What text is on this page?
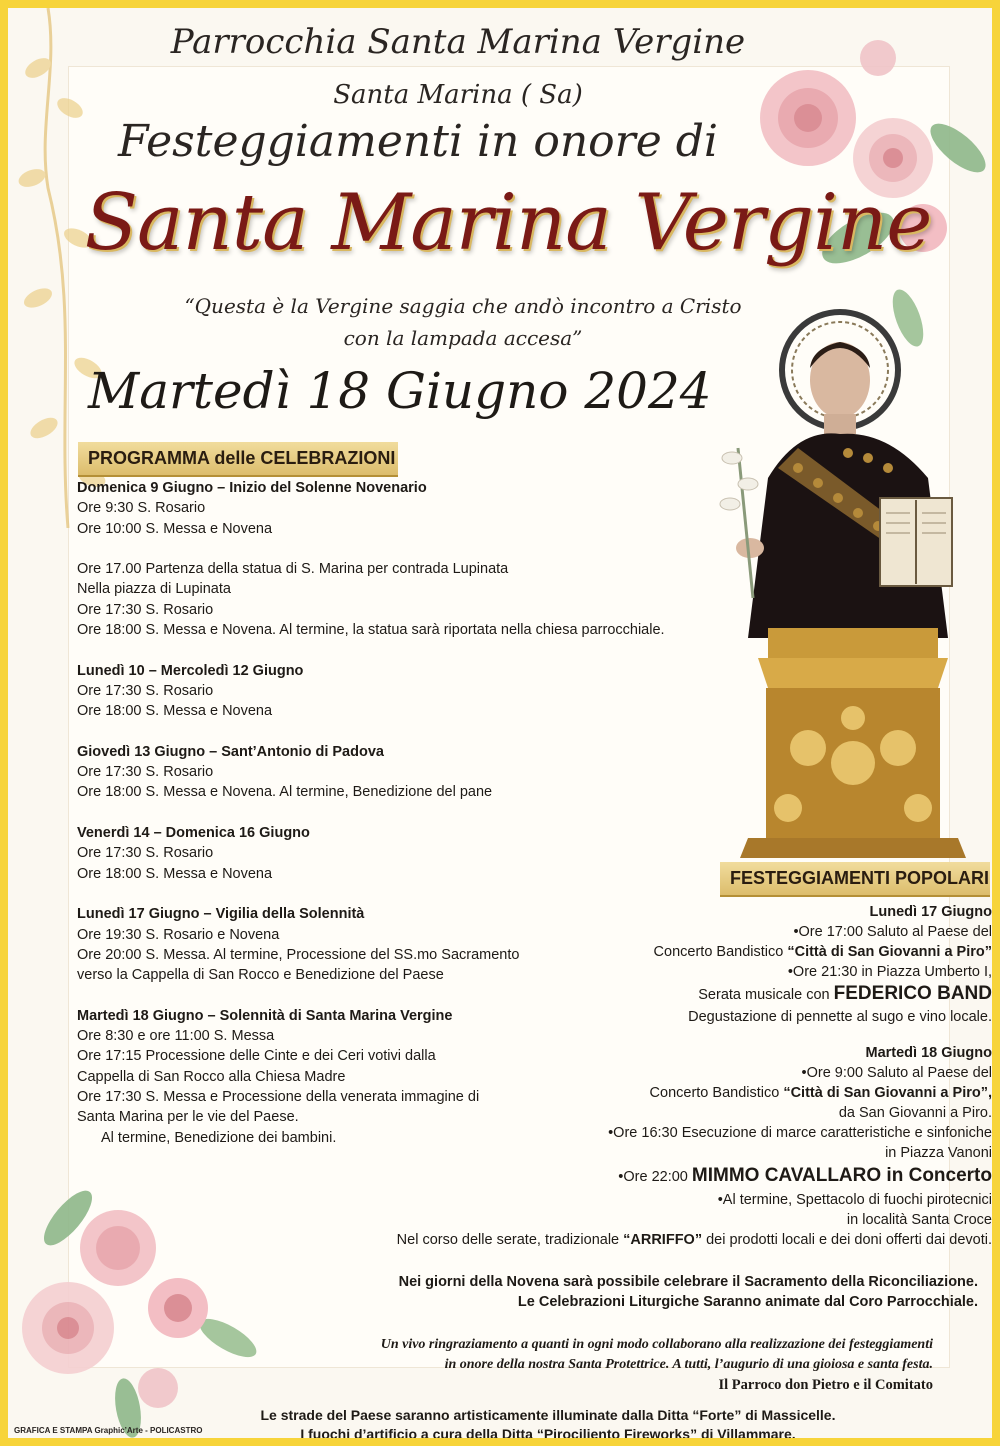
Parrocchia Santa Marina Vergine
Santa Marina ( Sa)
Festeggiamenti in onore di
Santa Marina Vergine
“Questa è la Vergine saggia che andò incontro a Cristo
con la lampada accesa”
Martedì 18 Giugno 2024
PROGRAMMA delle CELEBRAZIONI
Domenica 9 Giugno – Inizio del Solenne Novenario
Ore 9:30 S. Rosario
Ore 10:00 S. Messa e Novena
Ore 17.00 Partenza della statua di S. Marina per contrada Lupinata
Nella piazza di Lupinata
Ore 17:30 S. Rosario
Ore 18:00 S. Messa e Novena. Al termine, la statua sarà riportata nella chiesa parrocchiale.
Lunedì 10 – Mercoledì 12 Giugno
Ore 17:30 S. Rosario
Ore 18:00 S. Messa e Novena
Giovedì 13 Giugno – Sant’Antonio di Padova
Ore 17:30 S. Rosario
Ore 18:00 S. Messa e Novena. Al termine, Benedizione del pane
Venerdì 14 – Domenica 16 Giugno
Ore 17:30 S. Rosario
Ore 18:00 S. Messa e Novena
Lunedì 17 Giugno – Vigilia della Solennità
Ore 19:30 S. Rosario e Novena
Ore 20:00 S. Messa. Al termine, Processione del SS.mo Sacramento
verso la Cappella di San Rocco e Benedizione del Paese
Martedì 18 Giugno – Solennità di Santa Marina Vergine
Ore 8:30 e ore 11:00 S. Messa
Ore 17:15 Processione delle Cinte e dei Ceri votivi dalla
Cappella di San Rocco alla Chiesa Madre
Ore 17:30 S. Messa e Processione della venerata immagine di
Santa Marina per le vie del Paese.
Al termine, Benedizione dei bambini.
FESTEGGIAMENTI POPOLARI
Lunedì 17 Giugno
•Ore 17:00 Saluto al Paese del
Concerto Bandistico “Città di San Giovanni a Piro”
•Ore 21:30 in Piazza Umberto I,
Serata musicale con FEDERICO BAND
Degustazione di pennette al sugo e vino locale.
Martedì 18 Giugno
•Ore 9:00 Saluto al Paese del
Concerto Bandistico “Città di San Giovanni a Piro”,
da San Giovanni a Piro.
•Ore 16:30 Esecuzione di marce caratteristiche e sinfoniche
in Piazza Vanoni
•Ore 22:00 MIMMO CAVALLARO in Concerto
•Al termine, Spettacolo di fuochi pirotecnici
in località Santa Croce
Nel corso delle serate, tradizionale “ARRIFFO” dei prodotti locali e dei doni offerti dai devoti.
Nei giorni della Novena sarà possibile celebrare il Sacramento della Riconciliazione.
Le Celebrazioni Liturgiche Saranno animate dal Coro Parrocchiale.
Un vivo ringraziamento a quanti in ogni modo collaborano alla realizzazione dei festeggiamenti
in onore della nostra Santa Protettrice. A tutti, l’augurio di una gioiosa e santa festa.
Il Parroco don Pietro e il Comitato
Le strade del Paese saranno artisticamente illuminate dalla Ditta “Forte” di Massicelle.
I fuochi d’artificio a cura della Ditta “Pirociliento Fireworks” di Villammare.
GRAFICA E STAMPA Graphic’Arte - POLICASTRO
